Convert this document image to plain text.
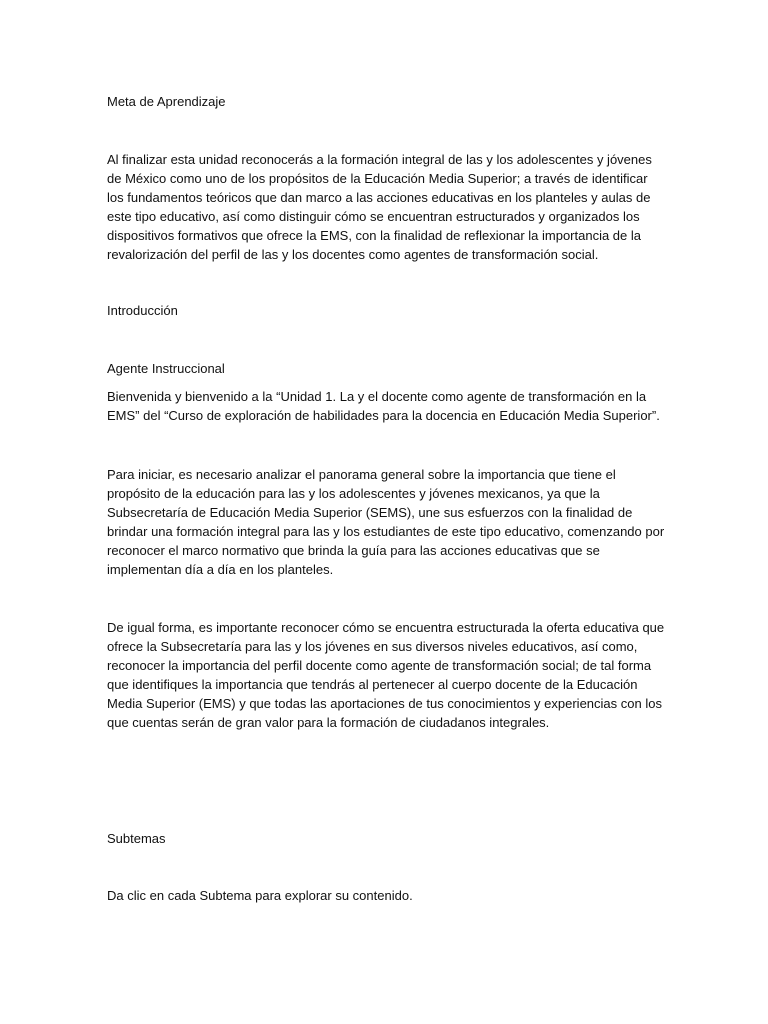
Meta de Aprendizaje

Al finalizar esta unidad reconocerás a la formación integral de las y los adolescentes y jóvenes de México como uno de los propósitos de la Educación Media Superior; a través de identificar los fundamentos teóricos que dan marco a las acciones educativas en los planteles y aulas de este tipo educativo, así como distinguir cómo se encuentran estructurados y organizados los dispositivos formativos que ofrece la EMS, con la finalidad de reflexionar la importancia de la revalorización del perfil de las y los docentes como agentes de transformación social.

Introducción

Agente Instruccional

Bienvenida y bienvenido a la “Unidad 1. La y el docente como agente de transformación en la EMS” del “Curso de exploración de habilidades para la docencia en Educación Media Superior”.

Para iniciar, es necesario analizar el panorama general sobre la importancia que tiene el propósito de la educación para las y los adolescentes y jóvenes mexicanos, ya que la Subsecretaría de Educación Media Superior (SEMS), une sus esfuerzos con la finalidad de brindar una formación integral para las y los estudiantes de este tipo educativo, comenzando por reconocer el marco normativo que brinda la guía para las acciones educativas que se implementan día a día en los planteles.

De igual forma, es importante reconocer cómo se encuentra estructurada la oferta educativa que ofrece la Subsecretaría para las y los jóvenes en sus diversos niveles educativos, así como, reconocer la importancia del perfil docente como agente de transformación social; de tal forma que identifiques la importancia que tendrás al pertenecer al cuerpo docente de la Educación Media Superior (EMS) y que todas las aportaciones de tus conocimientos y experiencias con los que cuentas serán de gran valor para la formación de ciudadanos integrales.

Subtemas

Da clic en cada Subtema para explorar su contenido.
